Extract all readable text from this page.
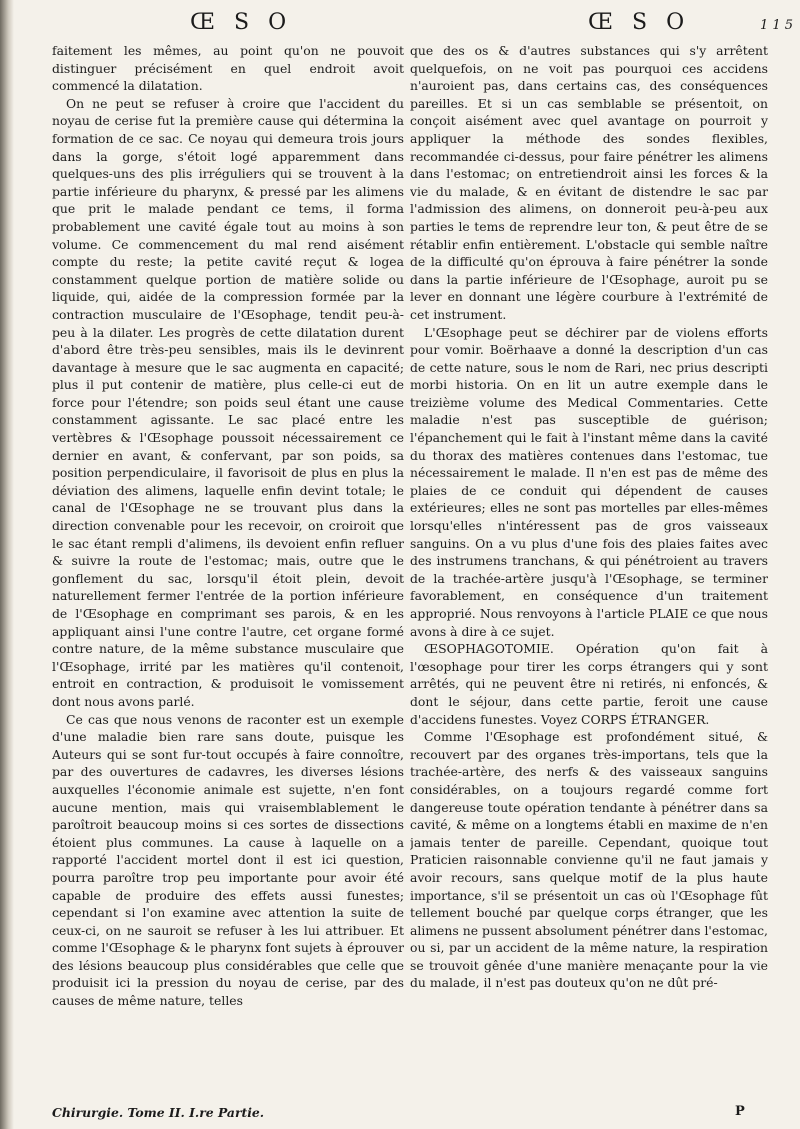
Œ S O	Œ S O	1 1 5

faitement les mêmes, au point qu'on ne pouvoit distinguer précisément en quel endroit avoit commencé la dilatation.

On ne peut se refuser à croire que l'accident du noyau de cerise fut la première cause qui détermina la formation de ce sac. Ce noyau qui demeura trois jours dans la gorge, s'étoit logé apparemment dans quelques-uns des plis irréguliers qui se trouvent à la partie inférieure du pharynx, & pressé par les alimens que prit le malade pendant ce tems, il forma probablement une cavité égale tout au moins à son volume. Ce commencement du mal rend aisément compte du reste; la petite cavité reçut & logea constamment quelque portion de matière solide ou liquide, qui, aidée de la compression formée par la contraction musculaire de l'Œsophage, tendit peu-à-peu à la dilater. Les progrès de cette dilatation durent d'abord être très-peu sensibles, mais ils le devinrent davantage à mesure que le sac augmenta en capacité; plus il put contenir de matière, plus celle-ci eut de force pour l'étendre; son poids seul étant une cause constamment agissante. Le sac placé entre les vertèbres & l'Œsophage poussoit nécessairement ce dernier en avant, & confervant, par son poids, sa position perpendiculaire, il favorisoit de plus en plus la déviation des alimens, laquelle enfin devint totale; le canal de l'Œsophage ne se trouvant plus dans la direction convenable pour les recevoir, on croiroit que le sac étant rempli d'alimens, ils devoient enfin refluer & suivre la route de l'estomac; mais, outre que le gonflement du sac, lorsqu'il étoit plein, devoit naturellement fermer l'entrée de la portion inférieure de l'Œsophage en comprimant ses parois, & en les appliquant ainsi l'une contre l'autre, cet organe formé contre nature, de la même substance musculaire que l'Œsophage, irrité par les matières qu'il contenoit, entroit en contraction, & produisoit le vomissement dont nous avons parlé.

Ce cas que nous venons de raconter est un exemple d'une maladie bien rare sans doute, puisque les Auteurs qui se sont fur-tout occupés à faire connoître, par des ouvertures de cadavres, les diverses lésions auxquelles l'économie animale est sujette, n'en font aucune mention, mais qui vraisemblablement le paroîtroit beaucoup moins si ces sortes de dissections étoient plus communes. La cause à laquelle on a rapporté l'accident mortel dont il est ici question, pourra paroître trop peu importante pour avoir été capable de produire des effets aussi funestes; cependant si l'on examine avec attention la suite de ceux-ci, on ne sauroit se refuser à les lui attribuer. Et comme l'Œsophage & le pharynx font sujets à éprouver des lésions beaucoup plus considérables que celle que produisit ici la pression du noyau de cerise, par des causes de même nature, telles

que des os & d'autres substances qui s'y arrêtent quelquefois, on ne voit pas pourquoi ces accidens n'auroient pas, dans certains cas, des conséquences pareilles. Et si un cas semblable se présentoit, on conçoit aisément avec quel avantage on pourroit y appliquer la méthode des sondes flexibles, recommandée ci-dessus, pour faire pénétrer les alimens dans l'estomac; on entretiendroit ainsi les forces & la vie du malade, & en évitant de distendre le sac par l'admission des alimens, on donneroit peu-à-peu aux parties le tems de reprendre leur ton, & peut être de se rétablir enfin entièrement. L'obstacle qui semble naître de la difficulté qu'on éprouva à faire pénétrer la sonde dans la partie inférieure de l'Œsophage, auroit pu se lever en donnant une légère courbure à l'extrémité de cet instrument.

L'Œsophage peut se déchirer par de violens efforts pour vomir. Boërhaave a donné la description d'un cas de cette nature, sous le nom de Rari, nec prius descripti morbi historia. On en lit un autre exemple dans le treizième volume des Medical Commentaries. Cette maladie n'est pas susceptible de guérison; l'épanchement qui le fait à l'instant même dans la cavité du thorax des matières contenues dans l'estomac, tue nécessairement le malade. Il n'en est pas de même des plaies de ce conduit qui dépendent de causes extérieures; elles ne sont pas mortelles par elles-mêmes lorsqu'elles n'intéressent pas de gros vaisseaux sanguins. On a vu plus d'une fois des plaies faites avec des instrumens tranchans, & qui pénétroient au travers de la trachée-artère jusqu'à l'Œsophage, se terminer favorablement, en conséquence d'un traitement approprié. Nous renvoyons à l'article PLAIE ce que nous avons à dire à ce sujet.

ŒSOPHAGOTOMIE. Opération qu'on fait à l'œsophage pour tirer les corps étrangers qui y sont arrêtés, qui ne peuvent être ni retirés, ni enfoncés, & dont le séjour, dans cette partie, feroit une cause d'accidens funestes. Voyez CORPS ÉTRANGER.

Comme l'Œsophage est profondément situé, & recouvert par des organes très-importans, tels que la trachée-artère, des nerfs & des vaisseaux sanguins considérables, on a toujours regardé comme fort dangereuse toute opération tendante à pénétrer dans sa cavité, & même on a longtems établi en maxime de n'en jamais tenter de pareille. Cependant, quoique tout Praticien raisonnable convienne qu'il ne faut jamais y avoir recours, sans quelque motif de la plus haute importance, s'il se présentoit un cas où l'Œsophage fût tellement bouché par quelque corps étranger, que les alimens ne pussent absolument pénétrer dans l'estomac, ou si, par un accident de la même nature, la respiration se trouvoit gênée d'une manière menaçante pour la vie du malade, il n'est pas douteux qu'on ne dût pré-

Chirurgie. Tome II. I.re Partie.	P
